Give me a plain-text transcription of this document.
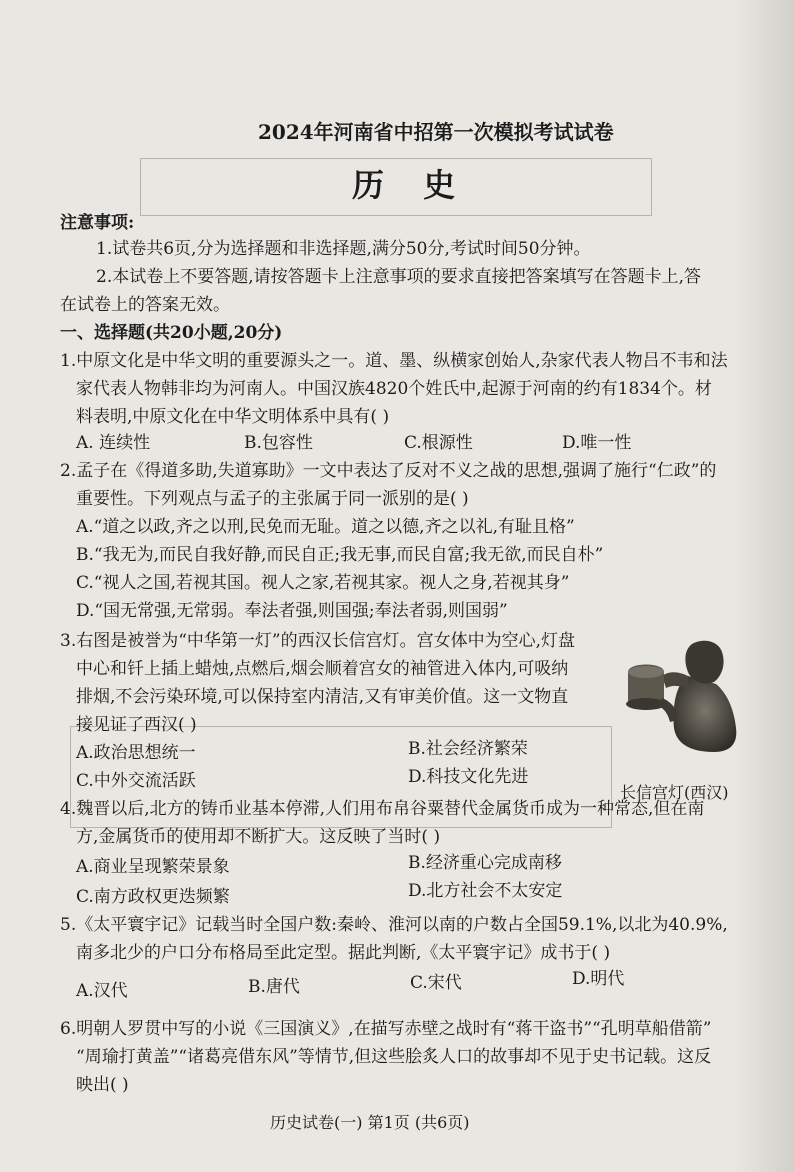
2024年河南省中招第一次模拟考试试卷
历 史
注意事项:
1.试卷共6页,分为选择题和非选择题,满分50分,考试时间50分钟。
2.本试卷上不要答题,请按答题卡上注意事项的要求直接把答案填写在答题卡上,答
在试卷上的答案无效。
一、选择题(共20小题,20分)
1.中原文化是中华文明的重要源头之一。道、墨、纵横家创始人,杂家代表人物吕不韦和法
家代表人物韩非均为河南人。中国汉族4820个姓氏中,起源于河南的约有1834个。材
料表明,中原文化在中华文明体系中具有( )
A. 连续性	B.包容性	C.根源性	D.唯一性
2.孟子在《得道多助,失道寡助》一文中表达了反对不义之战的思想,强调了施行“仁政”的
重要性。下列观点与孟子的主张属于同一派别的是( )
A.“道之以政,齐之以刑,民免而无耻。道之以德,齐之以礼,有耻且格”
B.“我无为,而民自我好静,而民自正;我无事,而民自富;我无欲,而民自朴”
C.“视人之国,若视其国。视人之家,若视其家。视人之身,若视其身”
D.“国无常强,无常弱。奉法者强,则国强;奉法者弱,则国弱”
3.右图是被誉为“中华第一灯”的西汉长信宫灯。宫女体中为空心,灯盘
中心和钎上插上蜡烛,点燃后,烟会顺着宫女的袖管进入体内,可吸纳
排烟,不会污染环境,可以保持室内清洁,又有审美价值。这一文物直
接见证了西汉( )
A.政治思想统一	B.社会经济繁荣
C.中外交流活跃	D.科技文化先进
长信宫灯(西汉)
4.魏晋以后,北方的铸币业基本停滞,人们用布帛谷粟替代金属货币成为一种常态,但在南
方,金属货币的使用却不断扩大。这反映了当时( )
A.商业呈现繁荣景象	B.经济重心完成南移
C.南方政权更迭频繁	D.北方社会不太安定
5.《太平寰宇记》记载当时全国户数:秦岭、淮河以南的户数占全国59.1%,以北为40.9%,
南多北少的户口分布格局至此定型。据此判断,《太平寰宇记》成书于( )
A.汉代	B.唐代	C.宋代	D.明代
6.明朝人罗贯中写的小说《三国演义》,在描写赤壁之战时有“蒋干盗书”“孔明草船借箭”
“周瑜打黄盖”“诸葛亮借东风”等情节,但这些脍炙人口的故事却不见于史书记载。这反
映出( )
历史试卷(一) 第1页 (共6页)
